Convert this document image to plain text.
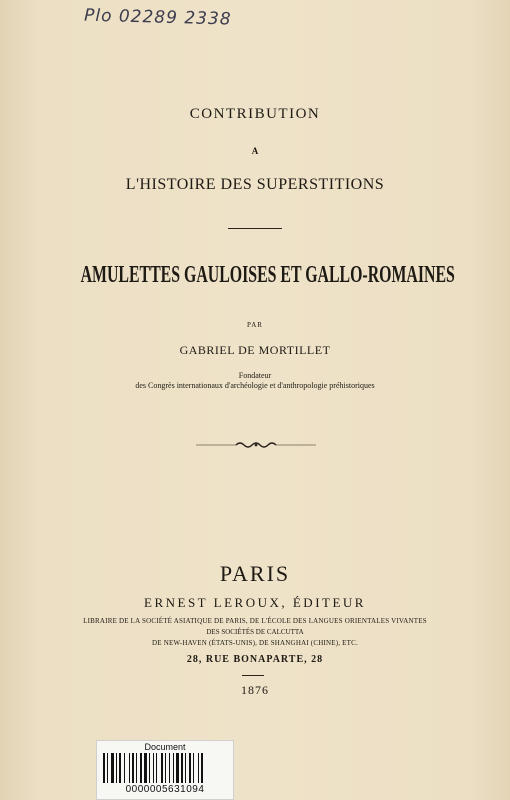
Plo 02289 2338
CONTRIBUTION
A
L'HISTOIRE DES SUPERSTITIONS
AMULETTES GAULOISES ET GALLO-ROMAINES
PAR
GABRIEL DE MORTILLET
Fondateur
des Congrès internationaux d'archéologie et d'anthropologie préhistoriques
PARIS
ERNEST LEROUX, ÉDITEUR
LIBRAIRE DE LA SOCIÉTÉ ASIATIQUE DE PARIS, DE L'ÉCOLE DES LANGUES ORIENTALES VIVANTES
DES SOCIÉTÉS DE CALCUTTA
DE NEW-HAVEN (ÉTATS-UNIS), DE SHANGHAI (CHINE), ETC.
28, RUE BONAPARTE, 28
1876
Document
0000005631094
